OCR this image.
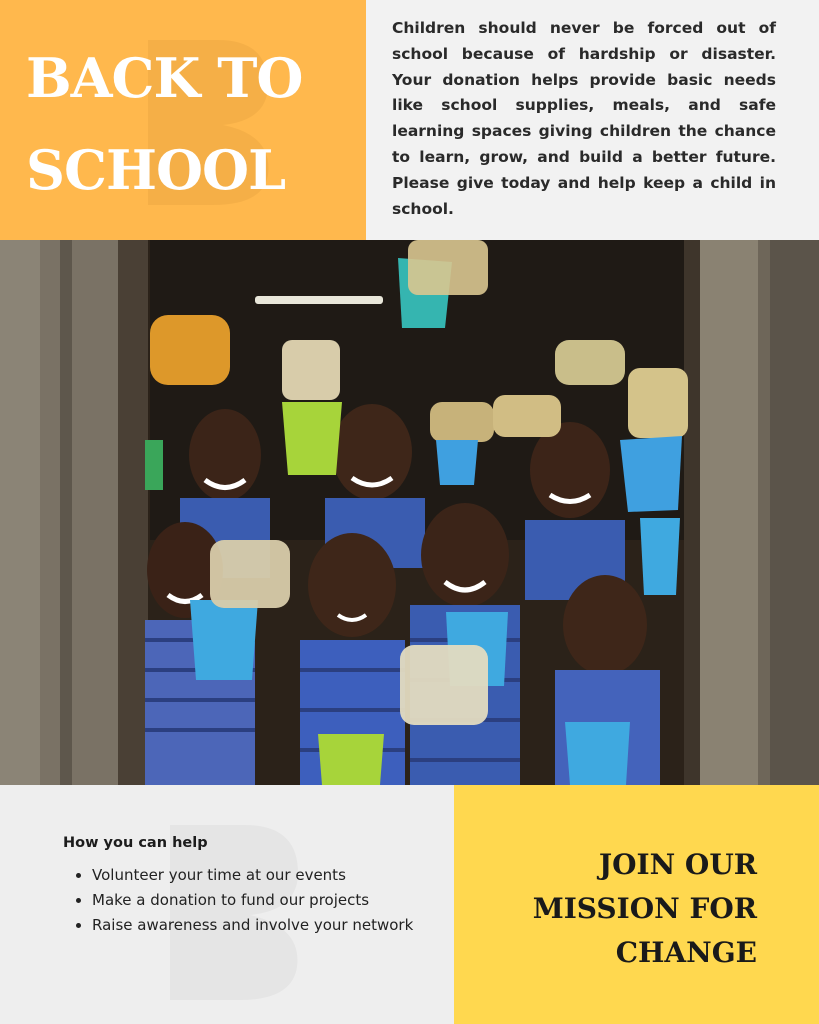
BACK TO
SCHOOL

Children should never be forced out of school because of hardship or disaster. Your donation helps provide basic needs like school supplies, meals, and safe learning spaces giving children the chance to learn, grow, and build a better future. Please give today and help keep a child in school.

How you can help
• Volunteer your time at our events
• Make a donation to fund our projects
• Raise awareness and involve your network
JOIN OUR
MISSION FOR
CHANGE
